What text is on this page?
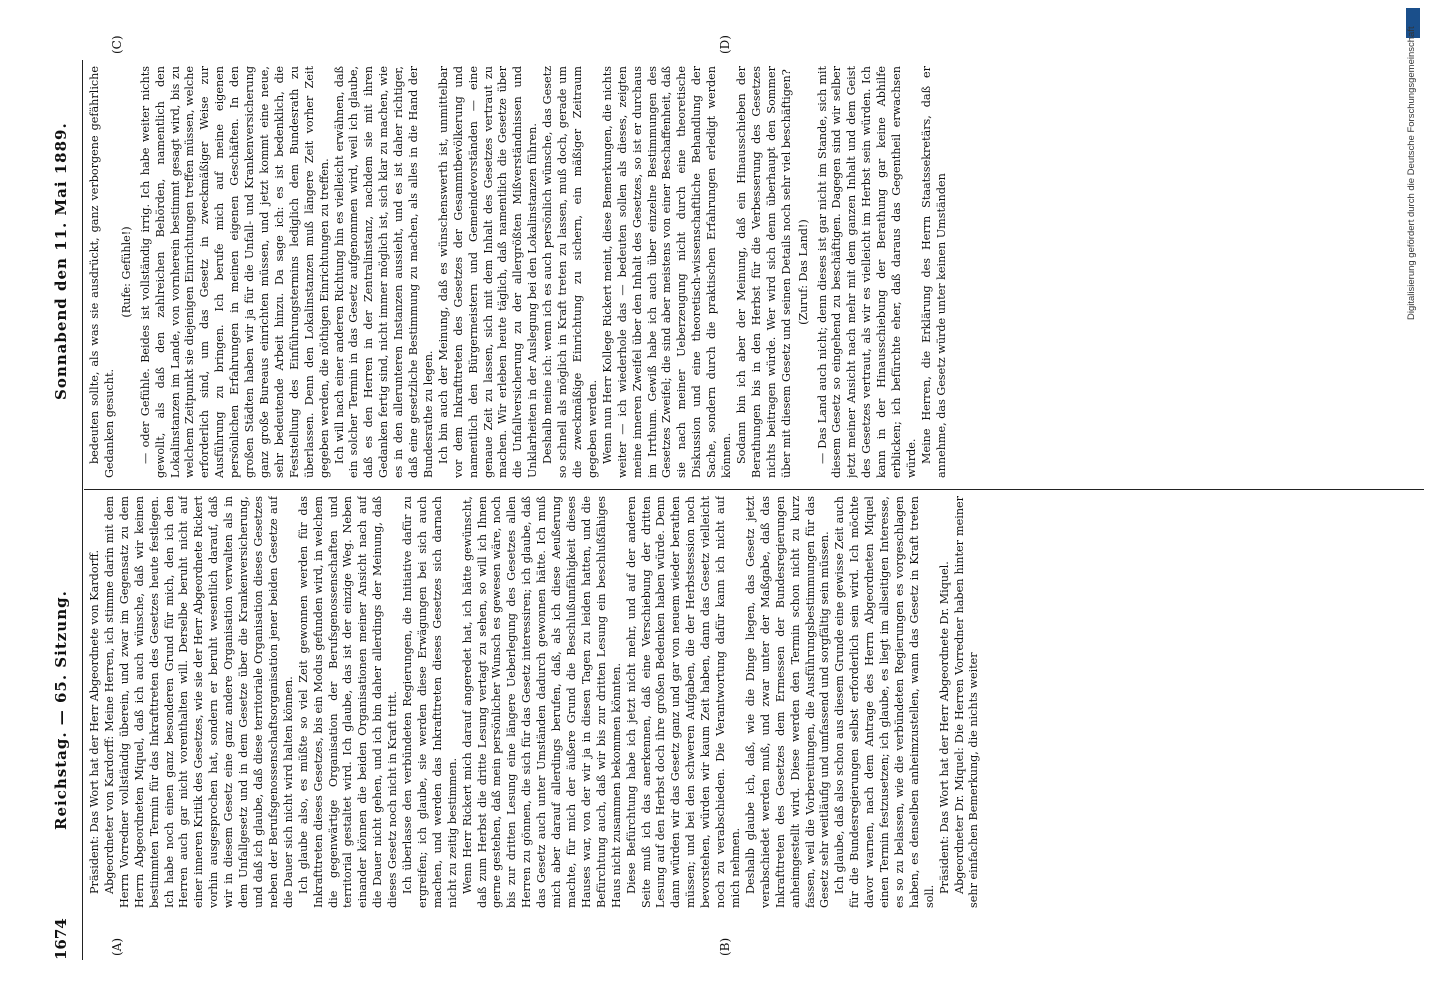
1674
Reichstag. — 65. Sitzung.
Sonnabend den 11. Mai 1889.
(A)	(B)
(C)	(D)

Präsident: Das Wort hat der Herr Abgeordnete von Kardorff. Abgeordneter von Kardorff: Meine Herren, ich stimme darin mit dem Herrn Vorredner vollständig überein, und zwar im Gegensatz zu dem Herrn Abgeordneten Miquel, daß ich auch wünsche, daß wir keinen bestimmten Termin für das Inkrafttreten des Gesetzes heute festlegen. Ich habe noch einen ganz besonderen Grund für mich, den ich den Herren auch gar nicht vorenthalten will. Derselbe beruht nicht auf einer inneren Kritik des Gesetzes, wie sie der Herr Abgeordnete Rickert vorhin ausgesprochen hat, sondern er beruht wesentlich darauf, daß wir in diesem Gesetz eine ganz andere Organisation verwalten als in dem Unfallgesetz und in dem Gesetze über die Krankenversicherung, und daß ich glaube, daß diese territoriale Organisation dieses Gesetzes neben der Berufsgenossenschaftsorganisation jener beiden Gesetze auf die Dauer sich nicht wird halten können. Ich glaube also, es müßte so viel Zeit gewonnen werden für das Inkrafttreten dieses Gesetzes, bis ein Modus gefunden wird, in welchem die gegenwärtige Organisation der Berufsgenossenschaften und territorial gestaltet wird. Ich glaube, das ist der einzige Weg. Neben einander können die beiden Organisationen meiner Ansicht nach auf die Dauer nicht gehen, und ich bin daher allerdings der Meinung, daß dieses Gesetz noch nicht in Kraft tritt. Ich überlasse den verbündeten Regierungen, die Initiative dafür zu ergreifen; ich glaube, sie werden diese Erwägungen bei sich auch machen, und werden das Inkrafttreten dieses Gesetzes sich darnach nicht zu zeitig bestimmen. Wenn Herr Rickert mich darauf angeredet hat, ich hätte gewünscht, daß zum Herbst die dritte Lesung vertagt zu sehen, so will ich Ihnen gerne gestehen, daß mein persönlicher Wunsch es gewesen wäre, noch bis zur dritten Lesung eine längere Ueberlegung des Gesetzes allen Herren zu gönnen, die sich für das Gesetz interessiren; ich glaube, daß das Gesetz auch unter Umständen dadurch gewonnen hätte. Ich muß mich aber darauf allerdings berufen, daß, als ich diese Aeußerung machte, für mich der äußere Grund die Beschlußunfähigkeit dieses Hauses war, von der wir ja in diesen Tagen zu leiden hatten, und die Befürchtung auch, daß wir bis zur dritten Lesung ein beschlußfähiges Haus nicht zusammen bekommen könnten. Diese Befürchtung habe ich jetzt nicht mehr, und auf der anderen Seite muß ich das anerkennen, daß eine Verschiebung der dritten Lesung auf den Herbst doch ihre großen Bedenken haben würde. Denn dann würden wir das Gesetz ganz und gar von neuem wieder berathen müssen; und bei den schweren Aufgaben, die der Herbstsession noch bevorstehen, würden wir kaum Zeit haben, dann das Gesetz vielleicht noch zu verabschieden. Die Verantwortung dafür kann ich nicht auf mich nehmen. Deshalb glaube ich, daß, wie die Dinge liegen, das Gesetz jetzt verabschiedet werden muß, und zwar unter der Maßgabe, daß das Inkrafttreten des Gesetzes dem Ermessen der Bundesregierungen anheimgestellt wird. Diese werden den Termin schon nicht zu kurz fassen, weil die Vorbereitungen, die Ausführungsbestimmungen für das Gesetz sehr weitläufig und umfassend und sorgfältig sein müssen. Ich glaube, daß also schon aus diesem Grunde eine gewisse Zeit auch für die Bundesregierungen selbst erforderlich sein wird. Ich möchte davor warnen, nach dem Antrage des Herrn Abgeordneten Miquel einen Termin festzusetzen; ich glaube, es liegt im allseitigen Interesse, es so zu belassen, wie die verbündeten Regierungen es vorgeschlagen haben, es denselben anheimzustellen, wann das Gesetz in Kraft treten soll.

Präsident: Das Wort hat der Herr Abgeordnete Dr. Miquel. Abgeordneter Dr. Miquel: Die Herren Vorredner haben hinter meiner sehr einfachen Bemerkung, die nichts weiter

bedeuten sollte, als was sie ausdrückt, ganz verborgene gefährliche Gedanken gesucht.

(Rufe: Gefühle!) — oder Gefühle. Beides ist vollständig irrig. Ich habe weiter nichts gewollt, als daß den zahlreichen Behörden, namentlich den Lokalinstanzen im Lande, von vornherein bestimmt gesagt wird, bis zu welchem Zeitpunkt sie diejenigen Einrichtungen treffen müssen, welche erforderlich sind, um das Gesetz in zweckmäßiger Weise zur Ausführung zu bringen. Ich berufe mich auf meine eigenen persönlichen Erfahrungen in meinen eigenen Geschäften. In den großen Städten haben wir ja für die Unfall- und Krankenversicherung ganz große Bureaus einrichten müssen, und jetzt kommt eine neue, sehr bedeutende Arbeit hinzu. Da sage ich: es ist bedenklich, die Feststellung des Einführungstermins lediglich dem Bundesrath zu überlassen. Denn den Lokalinstanzen muß längere Zeit vorher Zeit gegeben werden, die nöthigen Einrichtungen zu treffen. Ich will nach einer anderen Richtung hin es vielleicht erwähnen, daß ein solcher Termin in das Gesetz aufgenommen wird, weil ich glaube, daß es den Herren in der Zentralinstanz, nachdem sie mit ihren Gedanken fertig sind, nicht immer möglich ist, sich klar zu machen, wie es in den allerunteren Instanzen aussieht, und es ist daher richtiger, daß eine gesetzliche Bestimmung zu machen, als alles in die Hand der Bundesrathe zu legen. Ich bin auch der Meinung, daß es wünschenswerth ist, unmittelbar vor dem Inkrafttreten des Gesetzes der Gesammtbevölkerung und namentlich den Bürgermeistern und Gemeindevorständen — eine genaue Zeit zu lassen, sich mit dem Inhalt des Gesetzes vertraut zu machen. Wir erleben heute täglich, daß namentlich die Gesetze über die Unfallversicherung zu der allergrößten Mißverständnissen und Unklarheiten in der Auslegung bei den Lokalinstanzen führen. Deshalb meine ich: wenn ich es auch persönlich wünsche, das Gesetz so schnell als möglich in Kraft treten zu lassen, muß doch, gerade um die zweckmäßige Einrichtung zu sichern, ein mäßiger Zeitraum gegeben werden. Wenn nun Herr Kollege Rickert meint, diese Bemerkungen, die nichts weiter — ich wiederhole das — bedeuten sollen als dieses, zeigten meine inneren Zweifel über den Inhalt des Gesetzes, so ist er durchaus im Irrthum. Gewiß habe ich auch über einzelne Bestimmungen des Gesetzes Zweifel; die sind aber meistens von einer Beschaffenheit, daß sie nach meiner Ueberzeugung nicht durch eine theoretische Diskussion und eine theoretisch-wissenschaftliche Behandlung der Sache, sondern durch die praktischen Erfahrungen erledigt werden können. Sodann bin ich aber der Meinung, daß ein Hinausschieben der Berathungen bis in den Herbst für die Verbesserung des Gesetzes nichts beitragen würde. Wer wird sich denn überhaupt den Sommer über mit diesem Gesetz und seinen Details noch sehr viel beschäftigen? (Zuruf: Das Land!) — Das Land auch nicht; denn dieses ist gar nicht im Stande, sich mit diesem Gesetz so eingehend zu beschäftigen. Dagegen sind wir selber jetzt meiner Ansicht nach mehr mit dem ganzen Inhalt und dem Geist des Gesetzes vertraut, als wir es vielleicht im Herbst sein würden. Ich kann in der Hinausschiebung der Berathung gar keine Abhilfe erblicken; ich befürchte eher, daß daraus das Gegentheil erwachsen würde. Meine Herren, die Erklärung des Herrn Staatssekretärs, daß er annehme, das Gesetz würde unter keinen Umständen	Digitalisierung gefördert durch die Deutsche Forschungsgemeinschaft
